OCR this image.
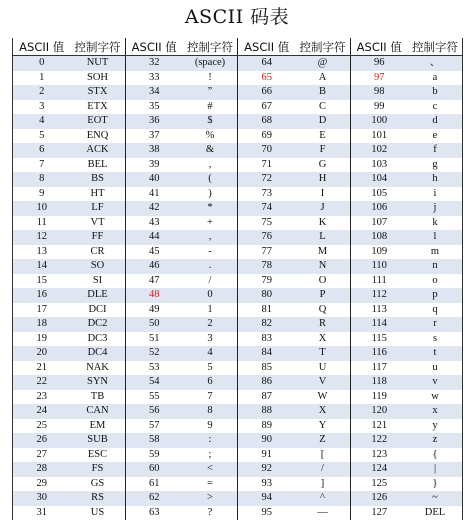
ASCII 码表
ASCII 值	控制字符	ASCII 值	控制字符	ASCII 值	控制字符	ASCII 值	控制字符
0	NUT	32	(space)	64	@	96	、
1	SOH	33	!	65	A	97	a
2	STX	34	”	66	B	98	b
3	ETX	35	#	67	C	99	c
4	EOT	36	$	68	D	100	d
5	ENQ	37	%	69	E	101	e
6	ACK	38	&	70	F	102	f
7	BEL	39	,	71	G	103	g
8	BS	40	(	72	H	104	h
9	HT	41	)	73	I	105	i
10	LF	42	*	74	J	106	j
11	VT	43	+	75	K	107	k
12	FF	44	,	76	L	108	l
13	CR	45	-	77	M	109	m
14	SO	46	.	78	N	110	n
15	SI	47	/	79	O	111	o
16	DLE	48	0	80	P	112	p
17	DCI	49	1	81	Q	113	q
18	DC2	50	2	82	R	114	r
19	DC3	51	3	83	X	115	s
20	DC4	52	4	84	T	116	t
21	NAK	53	5	85	U	117	u
22	SYN	54	6	86	V	118	v
23	TB	55	7	87	W	119	w
24	CAN	56	8	88	X	120	x
25	EM	57	9	89	Y	121	y
26	SUB	58	:	90	Z	122	z
27	ESC	59	;	91	[	123	{
28	FS	60	<	92	/	124	|
29	GS	61	=	93	]	125	}
30	RS	62	>	94	^	126	~
31	US	63	?	95	—	127	DEL
